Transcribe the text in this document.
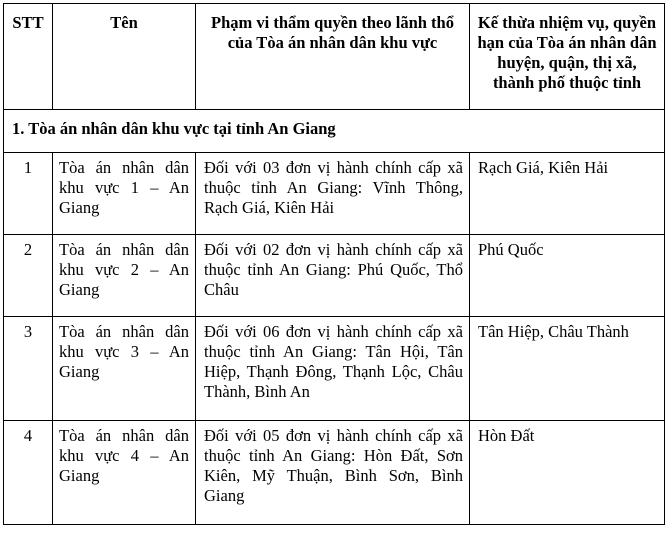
STT	Tên	Phạm vi thẩm quyền theo lãnh thổ của Tòa án nhân dân khu vực	Kế thừa nhiệm vụ, quyền hạn của Tòa án nhân dân huyện, quận, thị xã, thành phố thuộc tỉnh
1. Tòa án nhân dân khu vực tại tỉnh An Giang			
1	Tòa án nhân dân khu vực 1 – An Giang	Đối với 03 đơn vị hành chính cấp xã thuộc tỉnh An Giang: Vĩnh Thông, Rạch Giá, Kiên Hải	Rạch Giá, Kiên Hải
2	Tòa án nhân dân khu vực 2 – An Giang	Đối với 02 đơn vị hành chính cấp xã thuộc tỉnh An Giang: Phú Quốc, Thổ Châu	Phú Quốc
3	Tòa án nhân dân khu vực 3 – An Giang	Đối với 06 đơn vị hành chính cấp xã thuộc tỉnh An Giang: Tân Hội, Tân Hiệp, Thạnh Đông, Thạnh Lộc, Châu Thành, Bình An	Tân Hiệp, Châu Thành
4	Tòa án nhân dân khu vực 4 – An Giang	Đối với 05 đơn vị hành chính cấp xã thuộc tỉnh An Giang: Hòn Đất, Sơn Kiên, Mỹ Thuận, Bình Sơn, Bình Giang	Hòn Đất
